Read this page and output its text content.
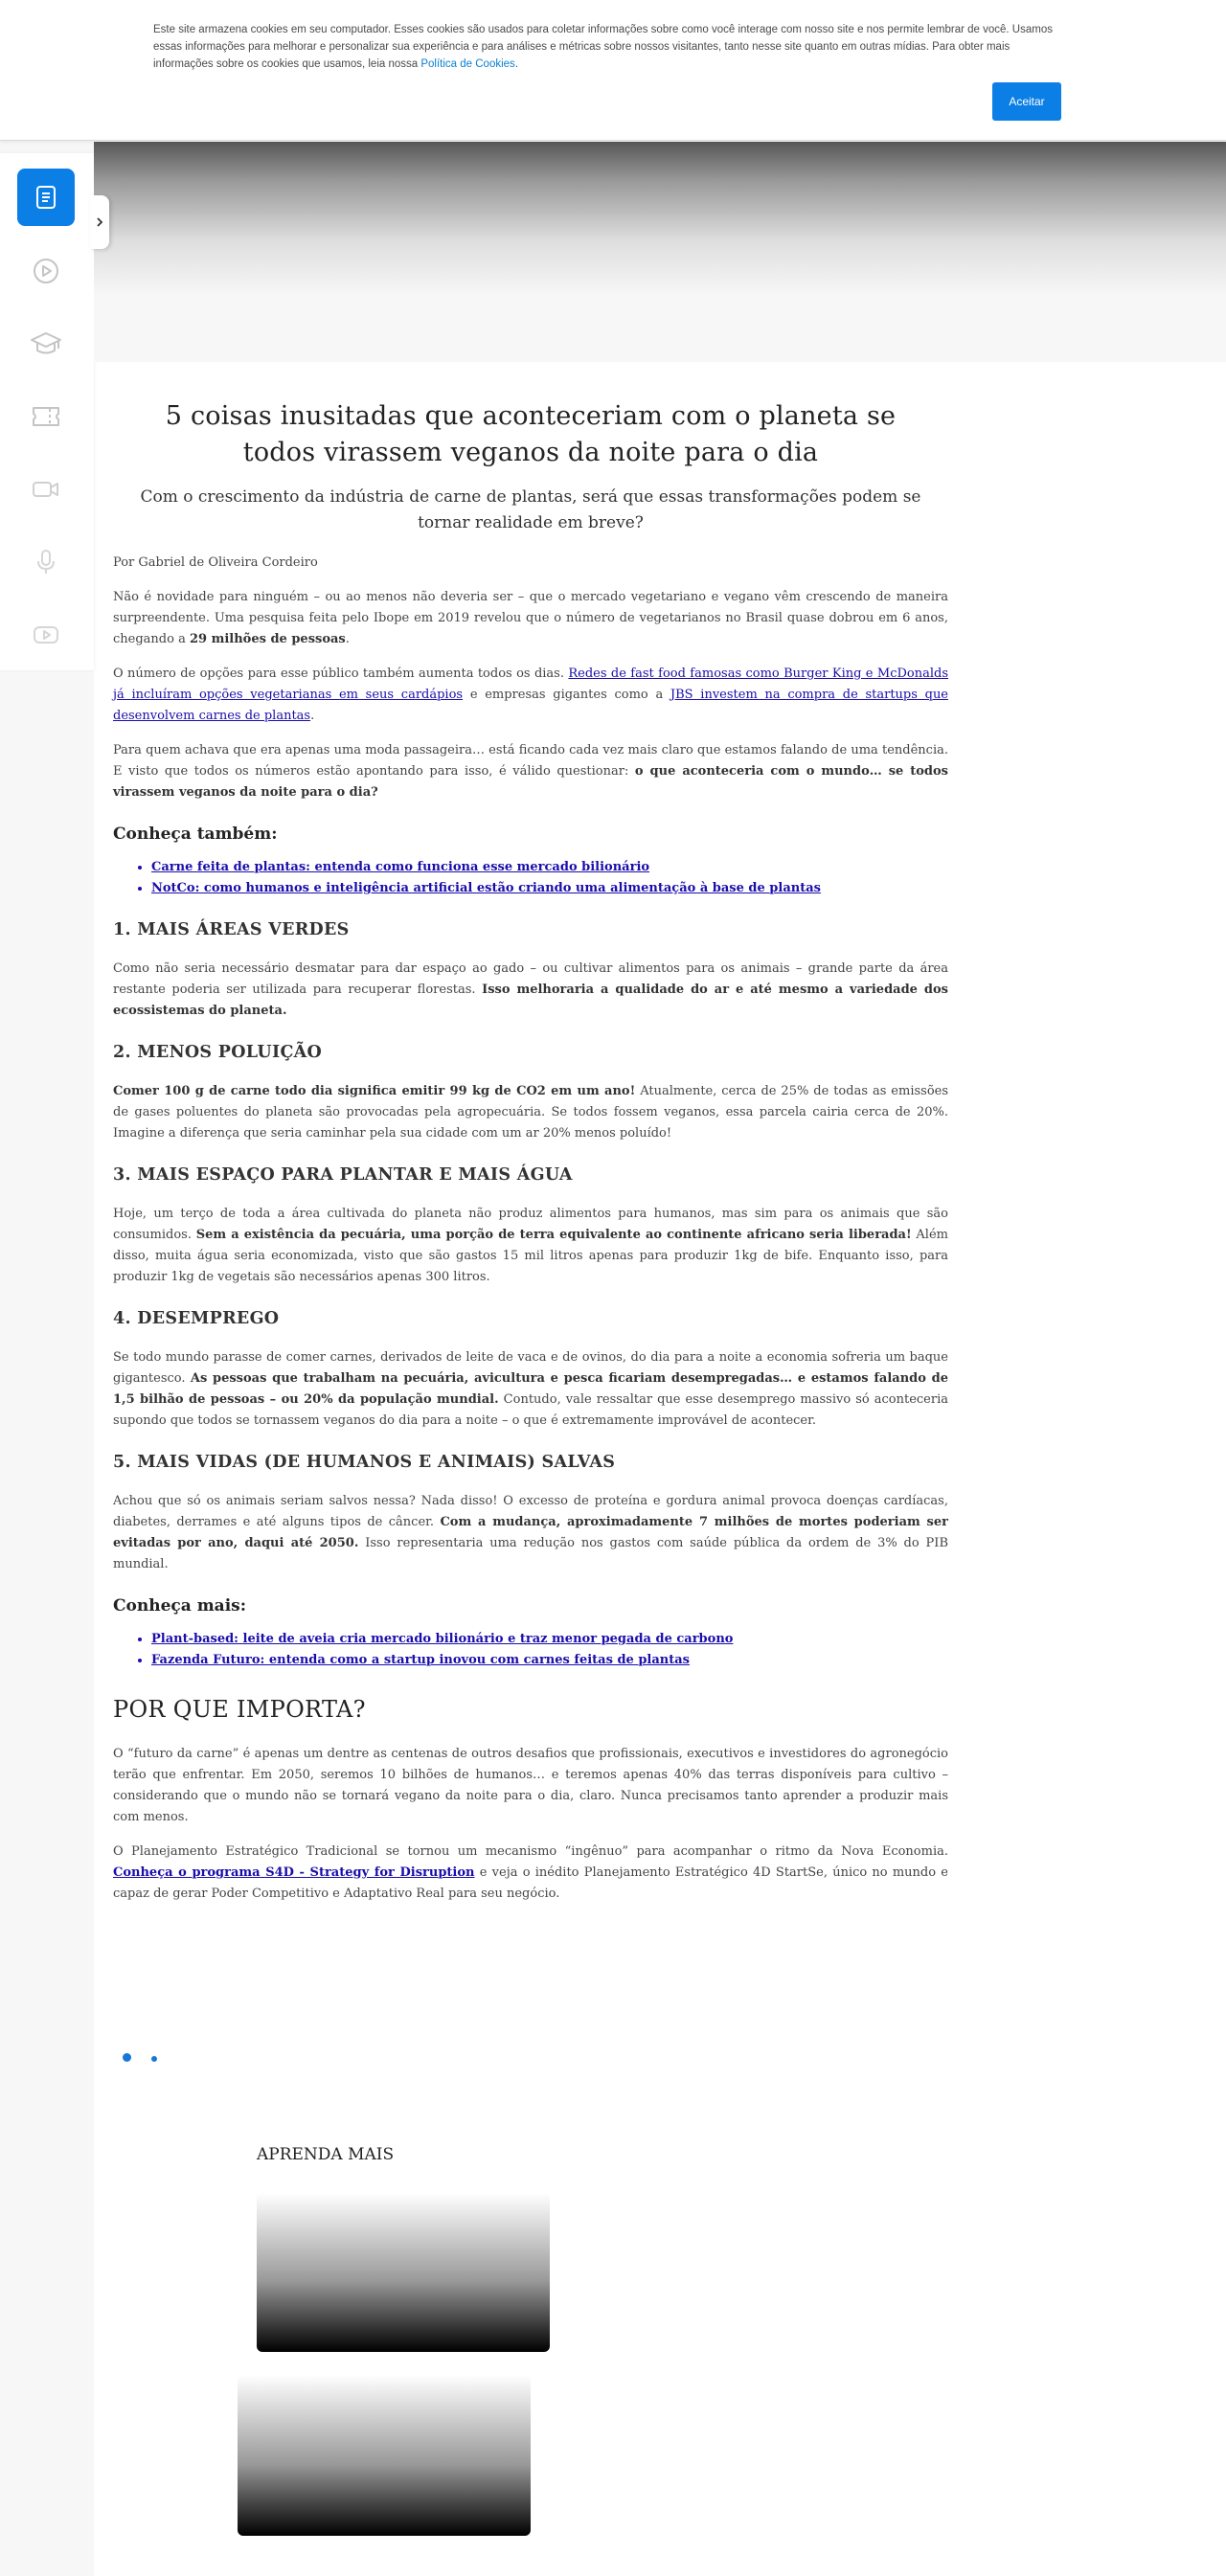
Este site armazena cookies em seu computador. Esses cookies são usados para coletar informações sobre como você interage com nosso site e nos permite lembrar de você. Usamos essas informações para melhorar e personalizar sua experiência e para análises e métricas sobre nossos visitantes, tanto nesse site quanto em outras mídias. Para obter mais informações sobre os cookies que usamos, leia nossa Política de Cookies.
Aceitar
5 coisas inusitadas que aconteceriam com o planeta se todos virassem veganos da noite para o dia
Com o crescimento da indústria de carne de plantas, será que essas transformações podem se tornar realidade em breve?
Por Gabriel de Oliveira Cordeiro

Não é novidade para ninguém – ou ao menos não deveria ser – que o mercado vegetariano e vegano vêm crescendo de maneira surpreendente. Uma pesquisa feita pelo Ibope em 2019 revelou que o número de vegetarianos no Brasil quase dobrou em 6 anos, chegando a 29 milhões de pessoas.

O número de opções para esse público também aumenta todos os dias. Redes de fast food famosas como Burger King e McDonalds já incluíram opções vegetarianas em seus cardápios e empresas gigantes como a JBS investem na compra de startups que desenvolvem carnes de plantas.

Para quem achava que era apenas uma moda passageira… está ficando cada vez mais claro que estamos falando de uma tendência. E visto que todos os números estão apontando para isso, é válido questionar: o que aconteceria com o mundo… se todos virassem veganos da noite para o dia?

Conheça também:
• Carne feita de plantas: entenda como funciona esse mercado bilionário
• NotCo: como humanos e inteligência artificial estão criando uma alimentação à base de plantas
1. MAIS ÁREAS VERDES

Como não seria necessário desmatar para dar espaço ao gado – ou cultivar alimentos para os animais – grande parte da área restante poderia ser utilizada para recuperar florestas. Isso melhoraria a qualidade do ar e até mesmo a variedade dos ecossistemas do planeta.

2. MENOS POLUIÇÃO

Comer 100 g de carne todo dia significa emitir 99 kg de CO2 em um ano! Atualmente, cerca de 25% de todas as emissões de gases poluentes do planeta são provocadas pela agropecuária. Se todos fossem veganos, essa parcela cairia cerca de 20%. Imagine a diferença que seria caminhar pela sua cidade com um ar 20% menos poluído!

3. MAIS ESPAÇO PARA PLANTAR E MAIS ÁGUA

Hoje, um terço de toda a área cultivada do planeta não produz alimentos para humanos, mas sim para os animais que são consumidos. Sem a existência da pecuária, uma porção de terra equivalente ao continente africano seria liberada! Além disso, muita água seria economizada, visto que são gastos 15 mil litros apenas para produzir 1kg de bife. Enquanto isso, para produzir 1kg de vegetais são necessários apenas 300 litros.

4. DESEMPREGO

Se todo mundo parasse de comer carnes, derivados de leite de vaca e de ovinos, do dia para a noite a economia sofreria um baque gigantesco. As pessoas que trabalham na pecuária, avicultura e pesca ficariam desempregadas… e estamos falando de 1,5 bilhão de pessoas – ou 20% da população mundial. Contudo, vale ressaltar que esse desemprego massivo só aconteceria supondo que todos se tornassem veganos do dia para a noite – o que é extremamente improvável de acontecer.

5. MAIS VIDAS (DE HUMANOS E ANIMAIS) SALVAS

Achou que só os animais seriam salvos nessa? Nada disso! O excesso de proteína e gordura animal provoca doenças cardíacas, diabetes, derrames e até alguns tipos de câncer. Com a mudança, aproximadamente 7 milhões de mortes poderiam ser evitadas por ano, daqui até 2050. Isso representaria uma redução nos gastos com saúde pública da ordem de 3% do PIB mundial.

Conheça mais:
• Plant-based: leite de aveia cria mercado bilionário e traz menor pegada de carbono
• Fazenda Futuro: entenda como a startup inovou com carnes feitas de plantas
POR QUE IMPORTA?

O “futuro da carne” é apenas um dentre as centenas de outros desafios que profissionais, executivos e investidores do agronegócio terão que enfrentar. Em 2050, seremos 10 bilhões de humanos… e teremos apenas 40% das terras disponíveis para cultivo – considerando que o mundo não se tornará vegano da noite para o dia, claro. Nunca precisamos tanto aprender a produzir mais com menos.

O Planejamento Estratégico Tradicional se tornou um mecanismo “ingênuo” para acompanhar o ritmo da Nova Economia. Conheça o programa S4D - Strategy for Disruption e veja o inédito Planejamento Estratégico 4D StartSe, único no mundo e capaz de gerar Poder Competitivo e Adaptativo Real para seu negócio.

APRENDA MAIS
